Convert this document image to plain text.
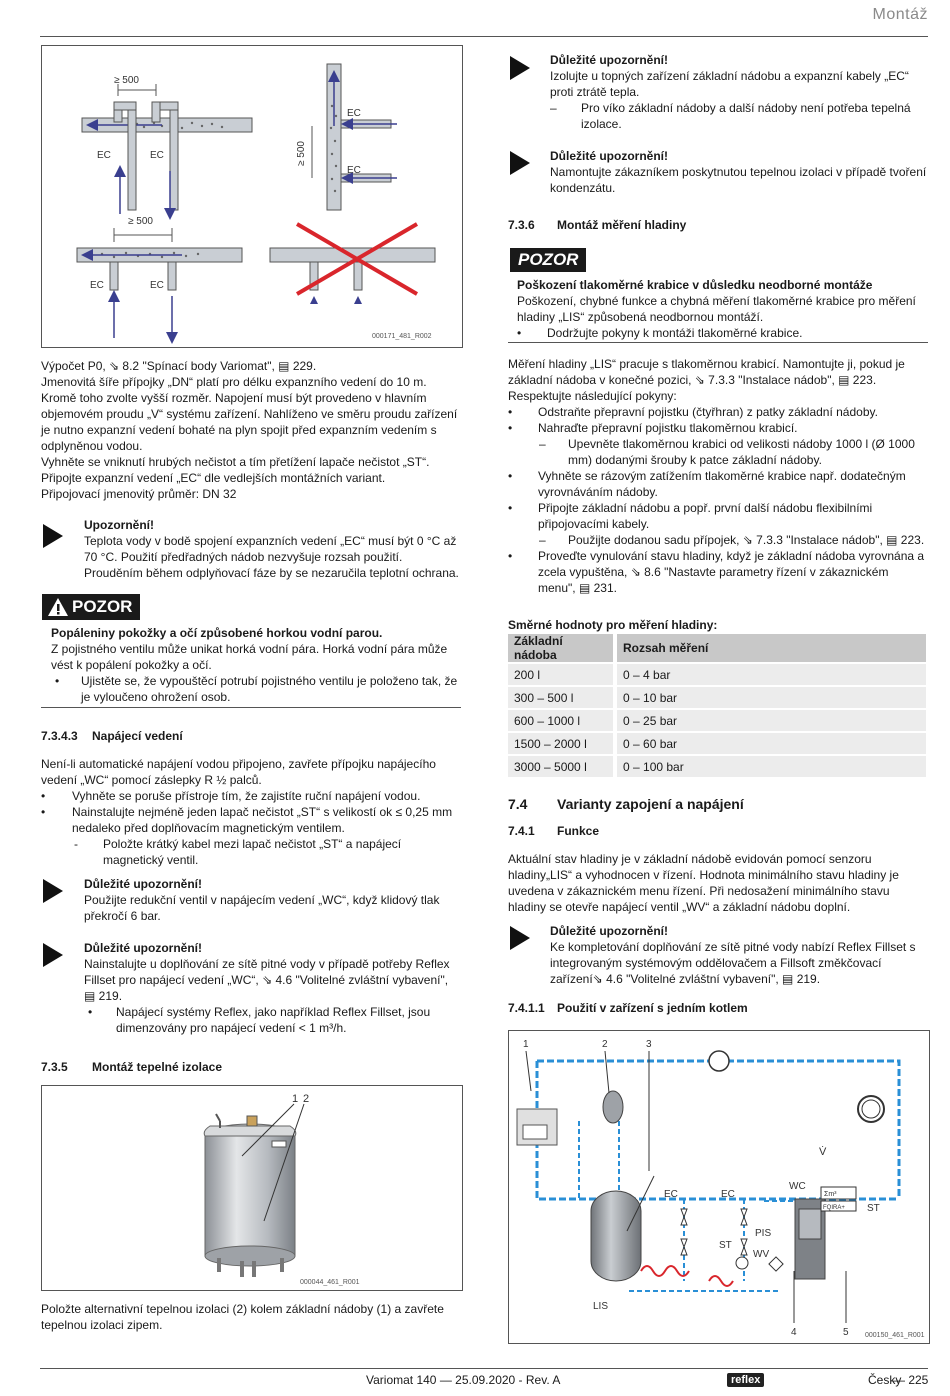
Montáž
≥ 500
EC	EC
EC
EC
≥ 500
≥ 500
EC	EC
000171_481_R002
Výpočet P0, ⇘ 8.2 "Spínací body Variomat", ▤ 229.
Jmenovitá šíře přípojky „DN“ platí pro délku expanzního vedení do 10 m. Kromě toho zvolte vyšší rozměr. Napojení musí být provedeno v hlavním objemovém proudu „V“ systému zařízení. Nahlíženo ve směru proudu zařízení je nutno expanzní vedení bohaté na plyn spojit před expanzním vedením s odplyněnou vodou.
Vyhněte se vniknutí hrubých nečistot a tím přetížení lapače nečistot „ST“.
Připojte expanzní vedení „EC“ dle vedlejších montážních variant.
Připojovací jmenovitý průměr: DN 32
Upozornění!
Teplota vody v bodě spojení expanzních vedení „EC“ musí být 0 °C až 70 °C. Použití předřadných nádob nezvyšuje rozsah použití. Prouděním během odplyňovací fáze by se nezaručila teplotní ochrana.
POZOR
Popáleniny pokožky a očí způsobené horkou vodní parou.
Z pojistného ventilu může unikat horká vodní pára. Horká vodní pára může vést k popálení pokožky a očí.
• Ujistěte se, že vypouštěcí potrubí pojistného ventilu je položeno tak, že je vyloučeno ohrožení osob.
7.3.4.3 Napájecí vedení
Není-li automatické napájení vodou připojeno, zavřete přípojku napájecího vedení „WC“ pomocí záslepky R ½ palců.
• Vyhněte se poruše přístroje tím, že zajistíte ruční napájení vodou.
• Nainstalujte nejméně jeden lapač nečistot „ST“ s velikostí ok ≤ 0,25 mm nedaleko před doplňovacím magnetickým ventilem.
- Položte krátký kabel mezi lapač nečistot „ST“ a napájecí magnetický ventil.
Důležité upozornění!
Použijte redukční ventil v napájecím vedení „WC“, když klidový tlak překročí 6 bar.
Důležité upozornění!
Nainstalujte u doplňování ze sítě pitné vody v případě potřeby Reflex Fillset pro napájecí vedení „WC“, ⇘ 4.6 "Volitelné zvláštní vybavení", ▤ 219.
• Napájecí systémy Reflex, jako například Reflex Fillset, jsou dimenzovány pro napájecí vedení < 1 m³/h.
7.3.5 Montáž tepelné izolace
1 2
000044_461_R001
Položte alternativní tepelnou izolaci (2) kolem základní nádoby (1) a zavřete tepelnou izolaci zipem.
Důležité upozornění!
Izolujte u topných zařízení základní nádobu a expanzní kabely „EC“ proti ztrátě tepla.
– Pro víko základní nádoby a další nádoby není potřeba tepelná izolace.
Důležité upozornění!
Namontujte zákazníkem poskytnutou tepelnou izolaci v případě tvoření kondenzátu.
7.3.6 Montáž měření hladiny
POZOR
Poškození tlakoměrné krabice v důsledku neodborné montáže
Poškození, chybné funkce a chybná měření tlakoměrné krabice pro měření hladiny „LIS“ způsobená neodbornou montáží.
• Dodržujte pokyny k montáži tlakoměrné krabice.
Měření hladiny „LIS“ pracuje s tlakoměrnou krabicí. Namontujte ji, pokud je základní nádoba v konečné pozici, ⇘ 7.3.3 "Instalace nádob", ▤ 223. Respektujte následující pokyny:
• Odstraňte přepravní pojistku (čtyřhran) z patky základní nádoby.
• Nahraďte přepravní pojistku tlakoměrnou krabicí.
– Upevněte tlakoměrnou krabici od velikosti nádoby 1000 l (Ø 1000 mm) dodanými šrouby k patce základní nádoby.
• Vyhněte se rázovým zatížením tlakoměrné krabice např. dodatečným vyrovnáváním nádoby.
• Připojte základní nádobu a popř. první další nádobu flexibilními připojovacími kabely.
– Použijte dodanou sadu přípojek, ⇘ 7.3.3 "Instalace nádob", ▤ 223.
• Proveďte vynulování stavu hladiny, když je základní nádoba vyrovnána a zcela vypuštěna, ⇘ 8.6 "Nastavte parametry řízení v zákaznickém menu", ▤ 231.
Směrné hodnoty pro měření hladiny:
Základní nádoba	Rozsah měření
200 l	0 – 4 bar
300 – 500 l	0 – 10 bar
600 – 1000 l	0 – 25 bar
1500 – 2000 l	0 – 60 bar
3000 – 5000 l	0 – 100 bar
7.4 Varianty zapojení a napájení
7.4.1 Funkce
Aktuální stav hladiny je v základní nádobě evidován pomocí senzoru hladiny„LIS“ a vyhodnocen v řízení. Hodnota minimálního stavu hladiny je uvedena v zákaznickém menu řízení. Při nedosažení minimálního stavu hladiny se otevře napájecí ventil „WV“ a základní nádobu doplní.
Důležité upozornění!
Ke kompletování doplňování ze sítě pitné vody nabízí Reflex Fillset s integrovaným systémovým oddělovačem a Fillsoft změkčovací zařízení⇘ 4.6 "Volitelné zvláštní vybavení", ▤ 219.
7.4.1.1 Použití v zařízení s jedním kotlem
V̇
Σm³
FQIRA+
1	2	3
4	5
EC	EC
WC
ST
PIS
ST
WV
LIS
000150_461_R001
Variomat 140 — 25.09.2020 - Rev. A	reflex	Česky
— 225
